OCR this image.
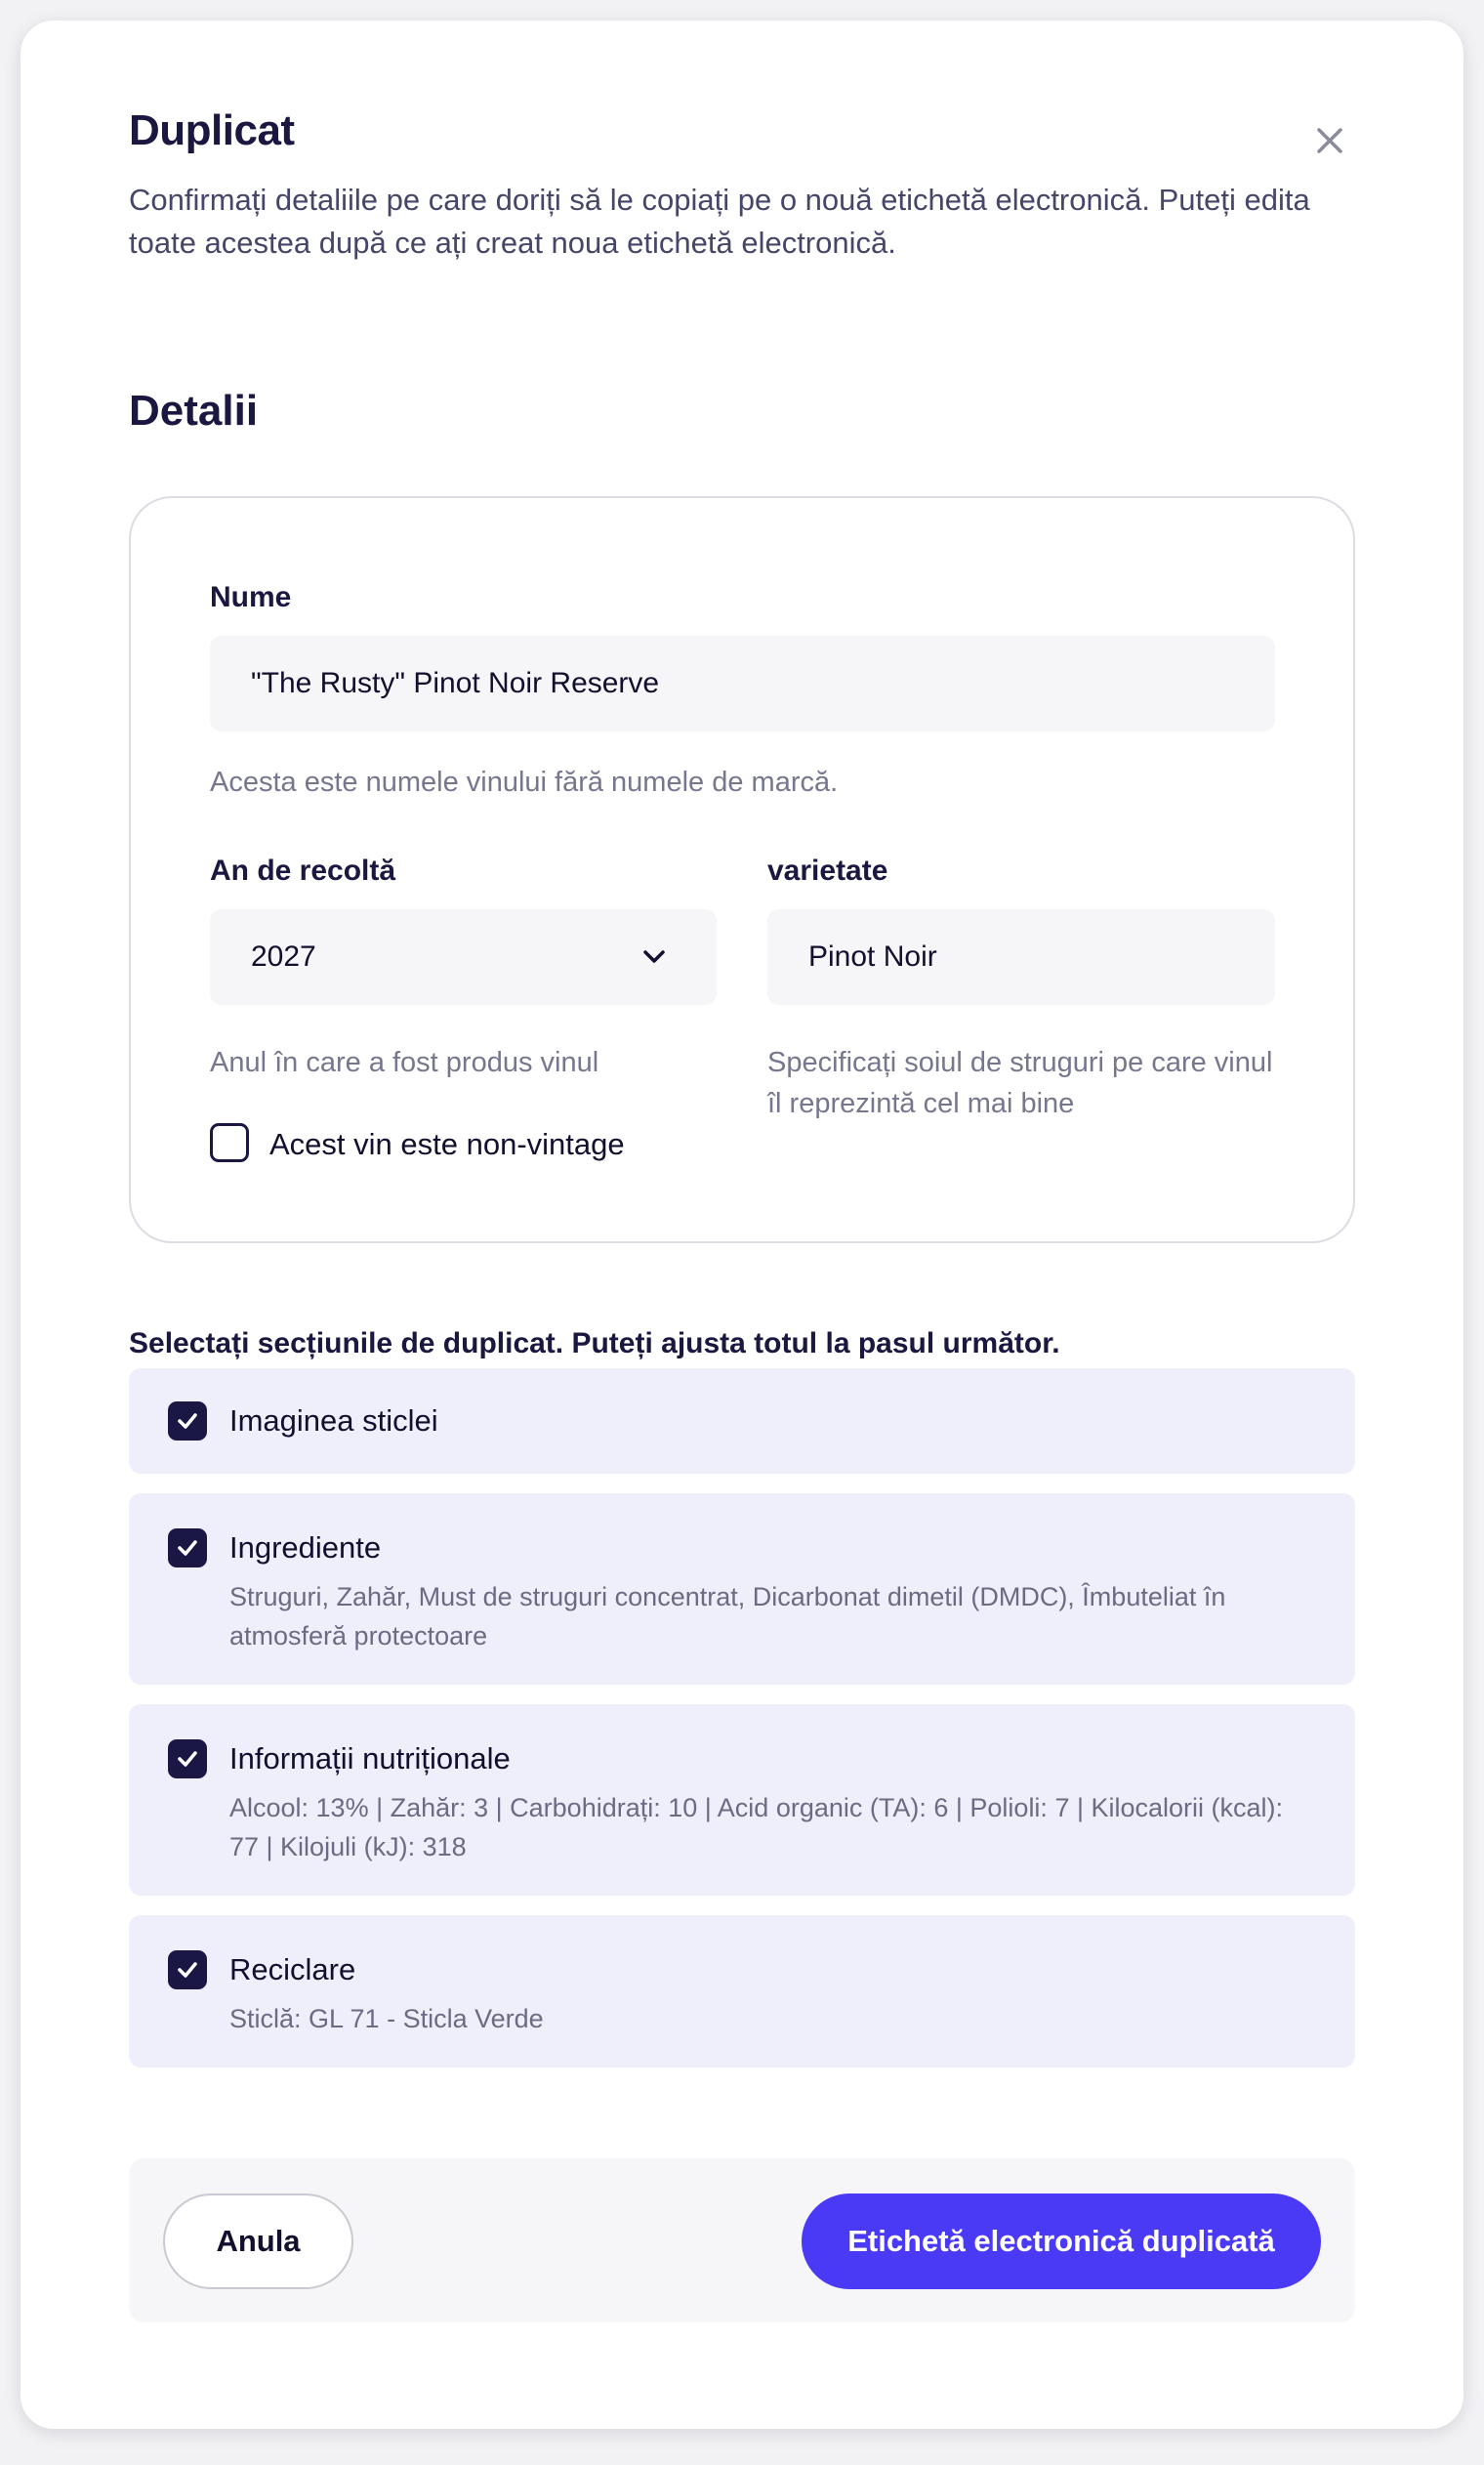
Duplicat
Confirmați detaliile pe care doriți să le copiați pe o nouă etichetă electronică. Puteți edita toate acestea după ce ați creat noua etichetă electronică.
Detalii
Nume
"The Rusty" Pinot Noir Reserve
Acesta este numele vinului fără numele de marcă.
An de recoltă
2027
Anul în care a fost produs vinul
varietate
Pinot Noir
Specificați soiul de struguri pe care vinul îl reprezintă cel mai bine
Acest vin este non-vintage
Selectați secțiunile de duplicat. Puteți ajusta totul la pasul următor.
Imaginea sticlei
Ingrediente
Struguri, Zahăr, Must de struguri concentrat, Dicarbonat dimetil (DMDC), Îmbuteliat în atmosferă protectoare
Informații nutriționale
Alcool: 13% | Zahăr: 3 | Carbohidrați: 10 | Acid organic (TA): 6 | Polioli: 7 | Kilocalorii (kcal): 77 | Kilojuli (kJ): 318
Reciclare
Sticlă: GL 71 - Sticla Verde
Anula	Etichetă electronică duplicată
